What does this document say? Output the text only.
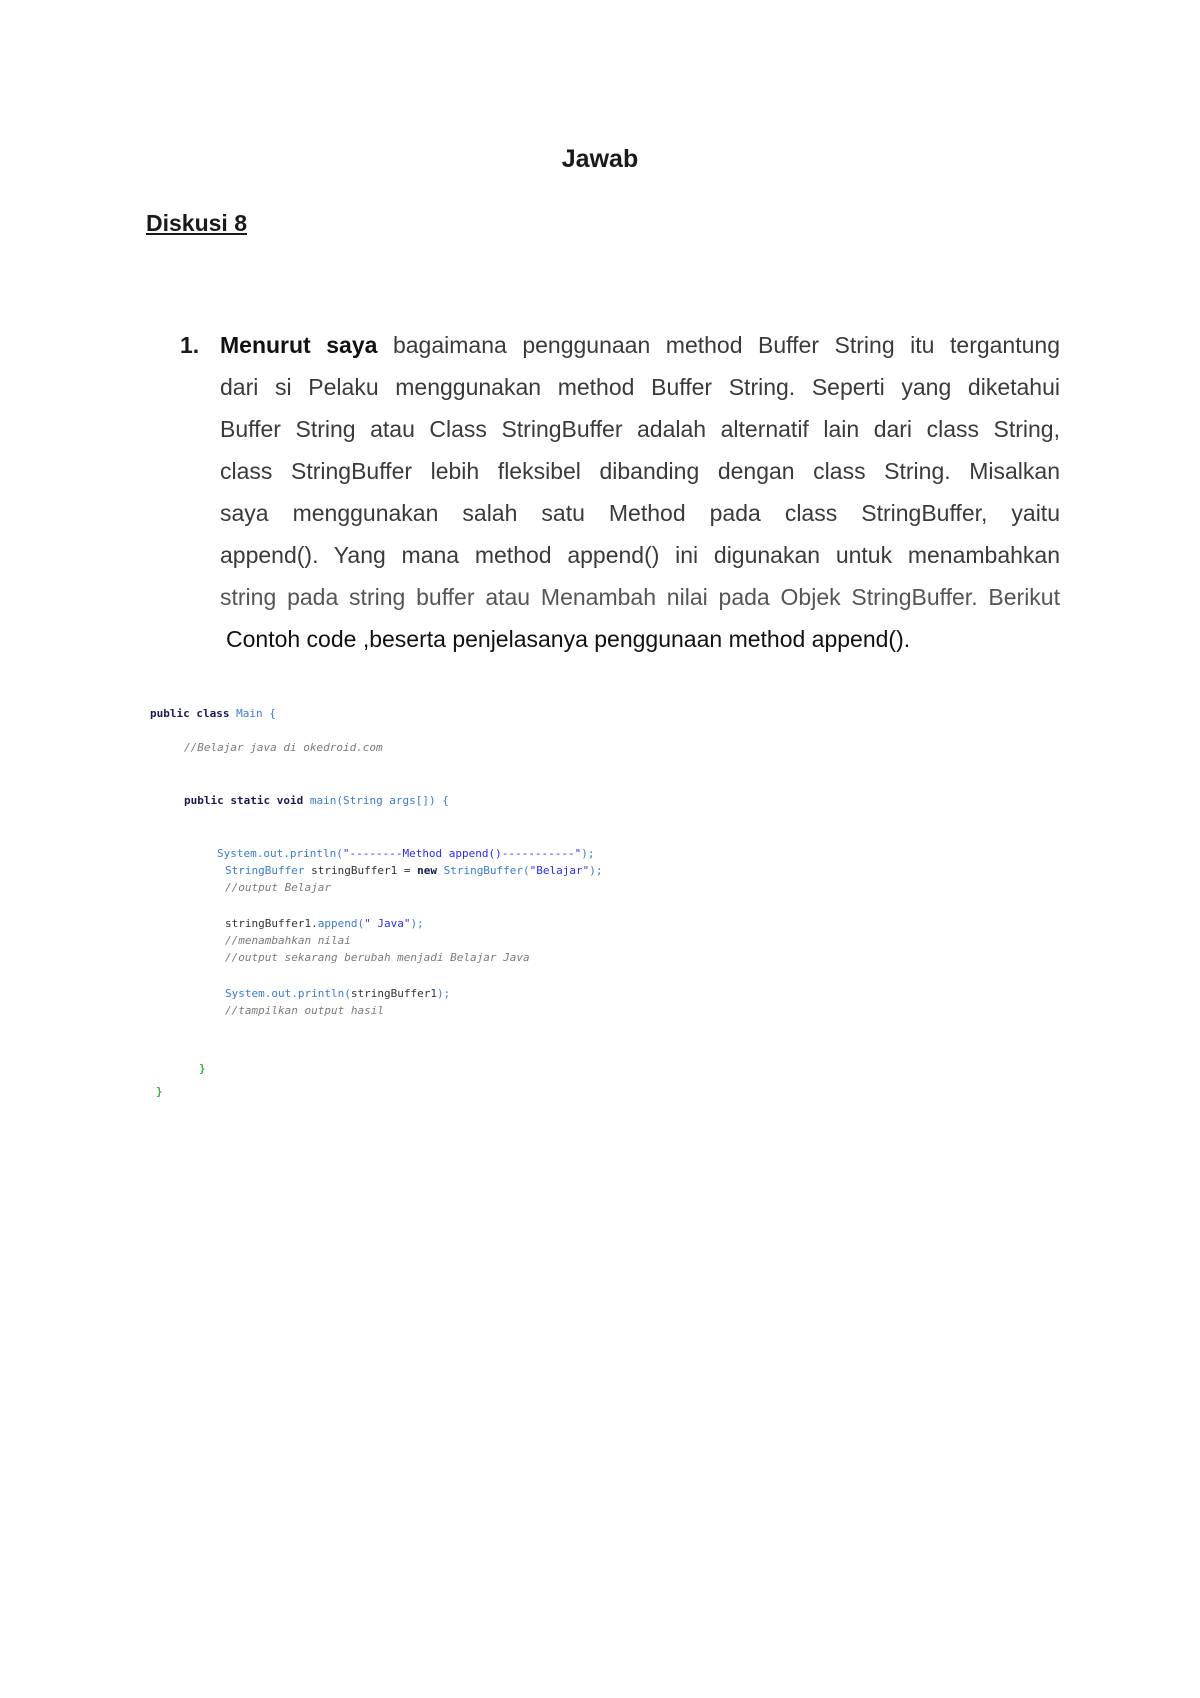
Jawab
Diskusi 8
1. Menurut saya bagaimana penggunaan method Buffer String itu tergantung
dari si Pelaku menggunakan method Buffer String. Seperti yang diketahui
Buffer String atau Class StringBuffer adalah alternatif lain dari class String,
class StringBuffer lebih fleksibel dibanding dengan class String. Misalkan
saya menggunakan salah satu Method pada class StringBuffer, yaitu
append(). Yang mana method append() ini digunakan untuk menambahkan
string pada string buffer atau Menambah nilai pada Objek StringBuffer. Berikut
Contoh code ,beserta penjelasanya penggunaan method append().
public class Main {
//Belajar java di okedroid.com
public static void main(String args[]) {
System.out.println("--------Method append()-----------");
StringBuffer stringBuffer1 = new StringBuffer("Belajar");
//output Belajar
stringBuffer1.append(" Java");
//menambahkan nilai
//output sekarang berubah menjadi Belajar Java
System.out.println(stringBuffer1);
//tampilkan output hasil
}
}
